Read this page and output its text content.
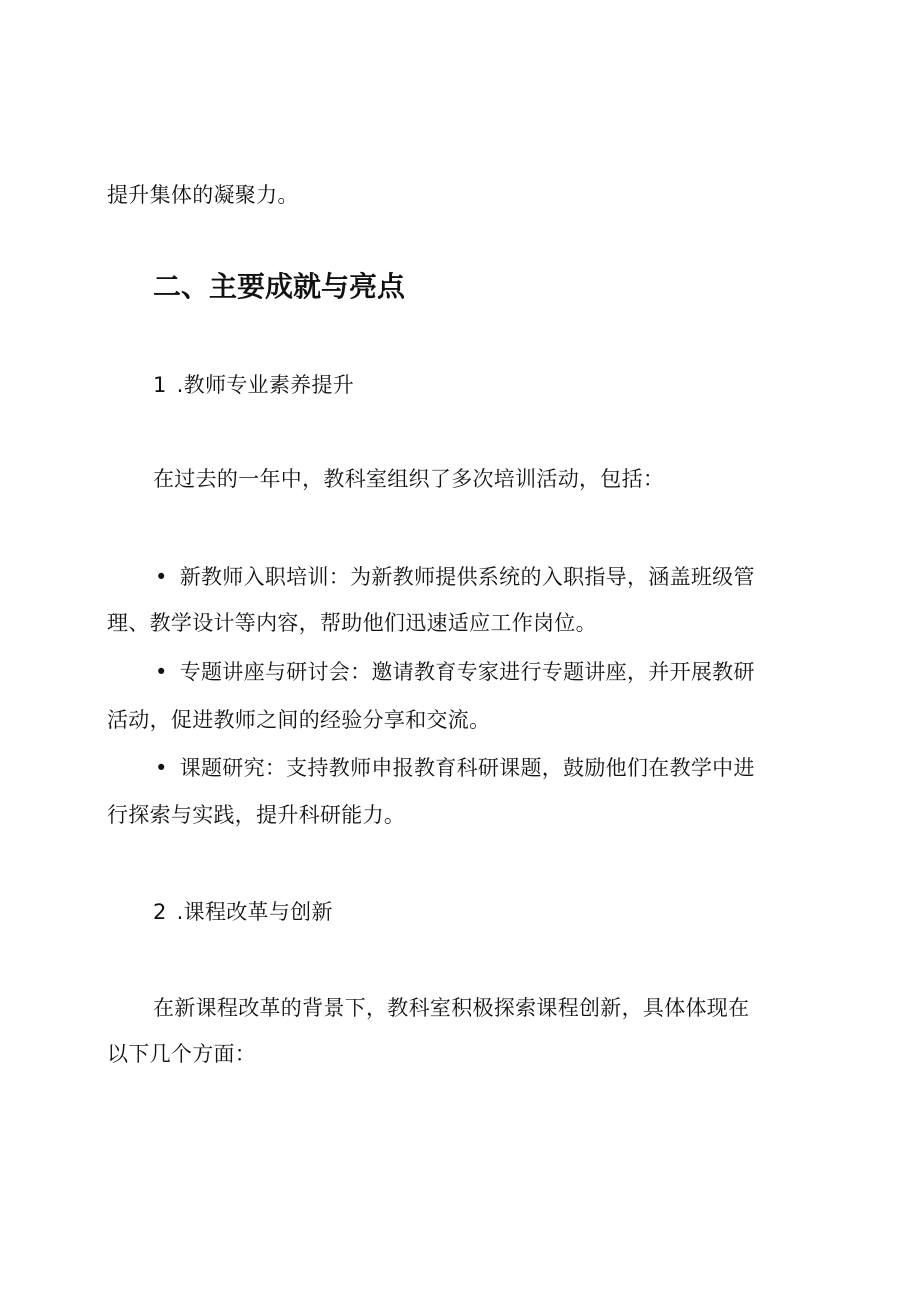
提升集体的凝聚力。

二、主要成就与亮点

1 .教师专业素养提升

在过去的一年中，教科室组织了多次培训活动，包括：

• 新教师入职培训：为新教师提供系统的入职指导，涵盖班级管

理、教学设计等内容，帮助他们迅速适应工作岗位。

• 专题讲座与研讨会：邀请教育专家进行专题讲座，并开展教研

活动，促进教师之间的经验分享和交流。

• 课题研究：支持教师申报教育科研课题，鼓励他们在教学中进

行探索与实践，提升科研能力。

2 .课程改革与创新

在新课程改革的背景下，教科室积极探索课程创新，具体体现在

以下几个方面：
